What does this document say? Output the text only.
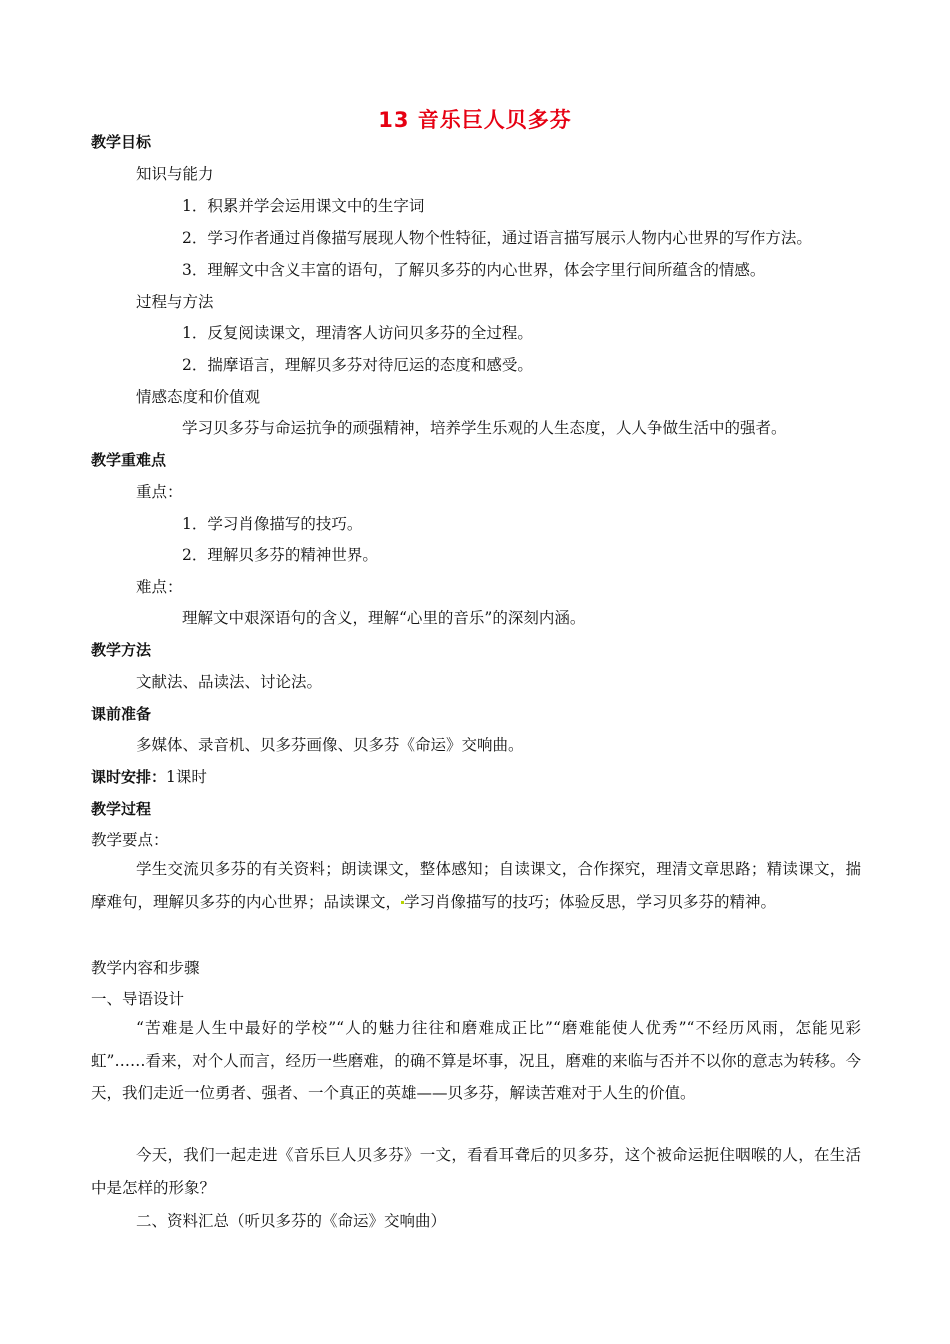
13 音乐巨人贝多芬
教学目标
知识与能力
1．积累并学会运用课文中的生字词
2．学习作者通过肖像描写展现人物个性特征，通过语言描写展示人物内心世界的写作方法。
3．理解文中含义丰富的语句，了解贝多芬的内心世界，体会字里行间所蕴含的情感。
过程与方法
1．反复阅读课文，理清客人访问贝多芬的全过程。
2．揣摩语言，理解贝多芬对待厄运的态度和感受。
情感态度和价值观
学习贝多芬与命运抗争的顽强精神，培养学生乐观的人生态度，人人争做生活中的强者。
教学重难点
重点：
1．学习肖像描写的技巧。
2．理解贝多芬的精神世界。
难点：
理解文中艰深语句的含义，理解“心里的音乐”的深刻内涵。
教学方法
文献法、品读法、讨论法。
课前准备
多媒体、录音机、贝多芬画像、贝多芬《命运》交响曲。
课时安排：1课时
教学过程
教学要点：
学生交流贝多芬的有关资料；朗读课文，整体感知；自读课文，合作探究，理清文章思路；精读课文，揣摩难句，理解贝多芬的内心世界；品读课文， 学习肖像描写的技巧；体验反思，学习贝多芬的精神。
教学内容和步骤
一、导语设计
“苦难是人生中最好的学校”“人的魅力往往和磨难成正比”“磨难能使人优秀”“不经历风雨，怎能见彩虹”……看来，对个人而言，经历一些磨难，的确不算是坏事，况且，磨难的来临与否并不以你的意志为转移。今天，我们走近一位勇者、强者、一个真正的英雄——贝多芬，解读苦难对于人生的价值。
今天，我们一起走进《音乐巨人贝多芬》一文，看看耳聋后的贝多芬，这个被命运扼住咽喉的人，在生活中是怎样的形象？
二、资料汇总（听贝多芬的《命运》交响曲）
